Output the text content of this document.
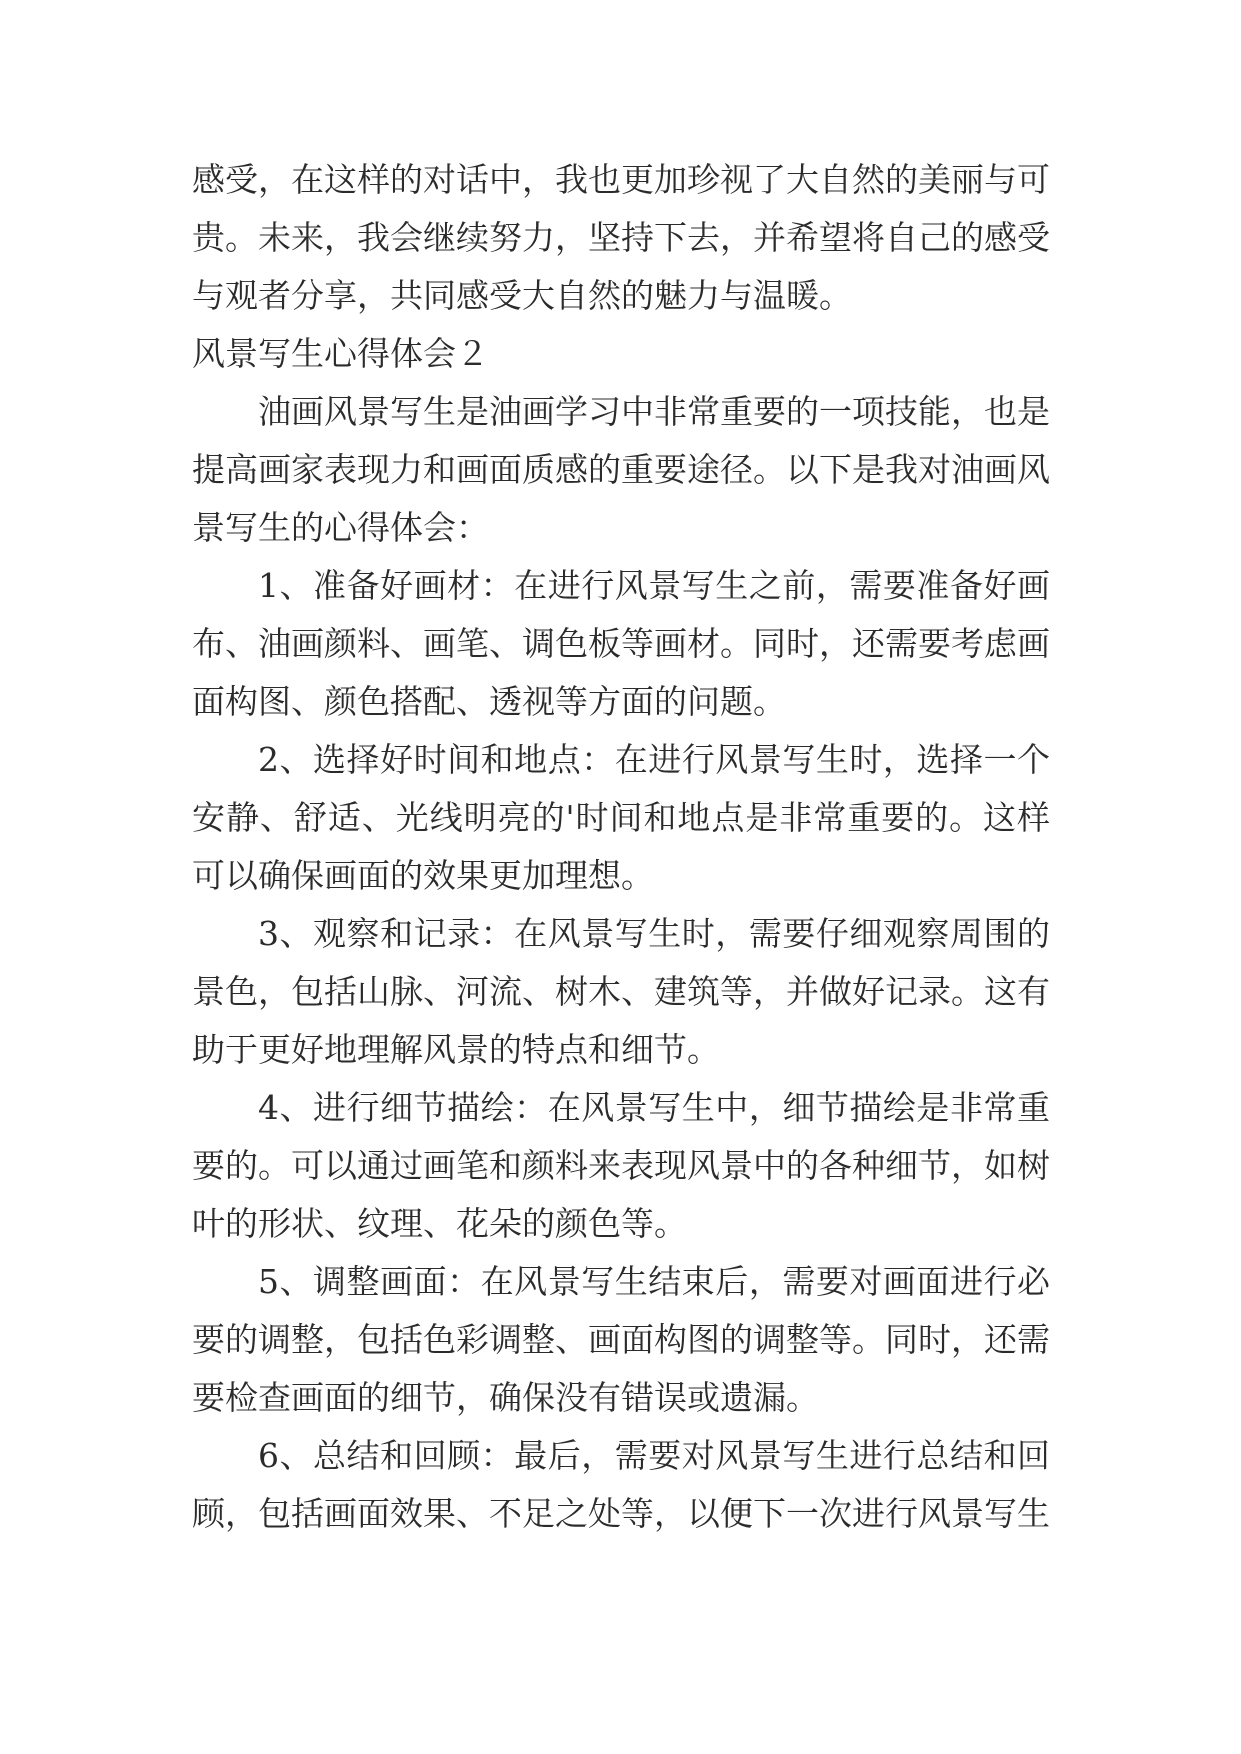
感受，在这样的对话中，我也更加珍视了大自然的美丽与可贵。未来，我会继续努力，坚持下去，并希望将自己的感受与观者分享，共同感受大自然的魅力与温暖。

风景写生心得体会２

油画风景写生是油画学习中非常重要的一项技能，也是提高画家表现力和画面质感的重要途径。以下是我对油画风景写生的心得体会：

1、准备好画材：在进行风景写生之前，需要准备好画布、油画颜料、画笔、调色板等画材。同时，还需要考虑画面构图、颜色搭配、透视等方面的问题。

2、选择好时间和地点：在进行风景写生时，选择一个安静、舒适、光线明亮的'时间和地点是非常重要的。这样可以确保画面的效果更加理想。

3、观察和记录：在风景写生时，需要仔细观察周围的景色，包括山脉、河流、树木、建筑等，并做好记录。这有助于更好地理解风景的特点和细节。

4、进行细节描绘：在风景写生中，细节描绘是非常重要的。可以通过画笔和颜料来表现风景中的各种细节，如树叶的形状、纹理、花朵的颜色等。

5、调整画面：在风景写生结束后，需要对画面进行必要的调整，包括色彩调整、画面构图的调整等。同时，还需要检查画面的细节，确保没有错误或遗漏。

6、总结和回顾：最后，需要对风景写生进行总结和回顾，包括画面效果、不足之处等，以便下一次进行风景写生
